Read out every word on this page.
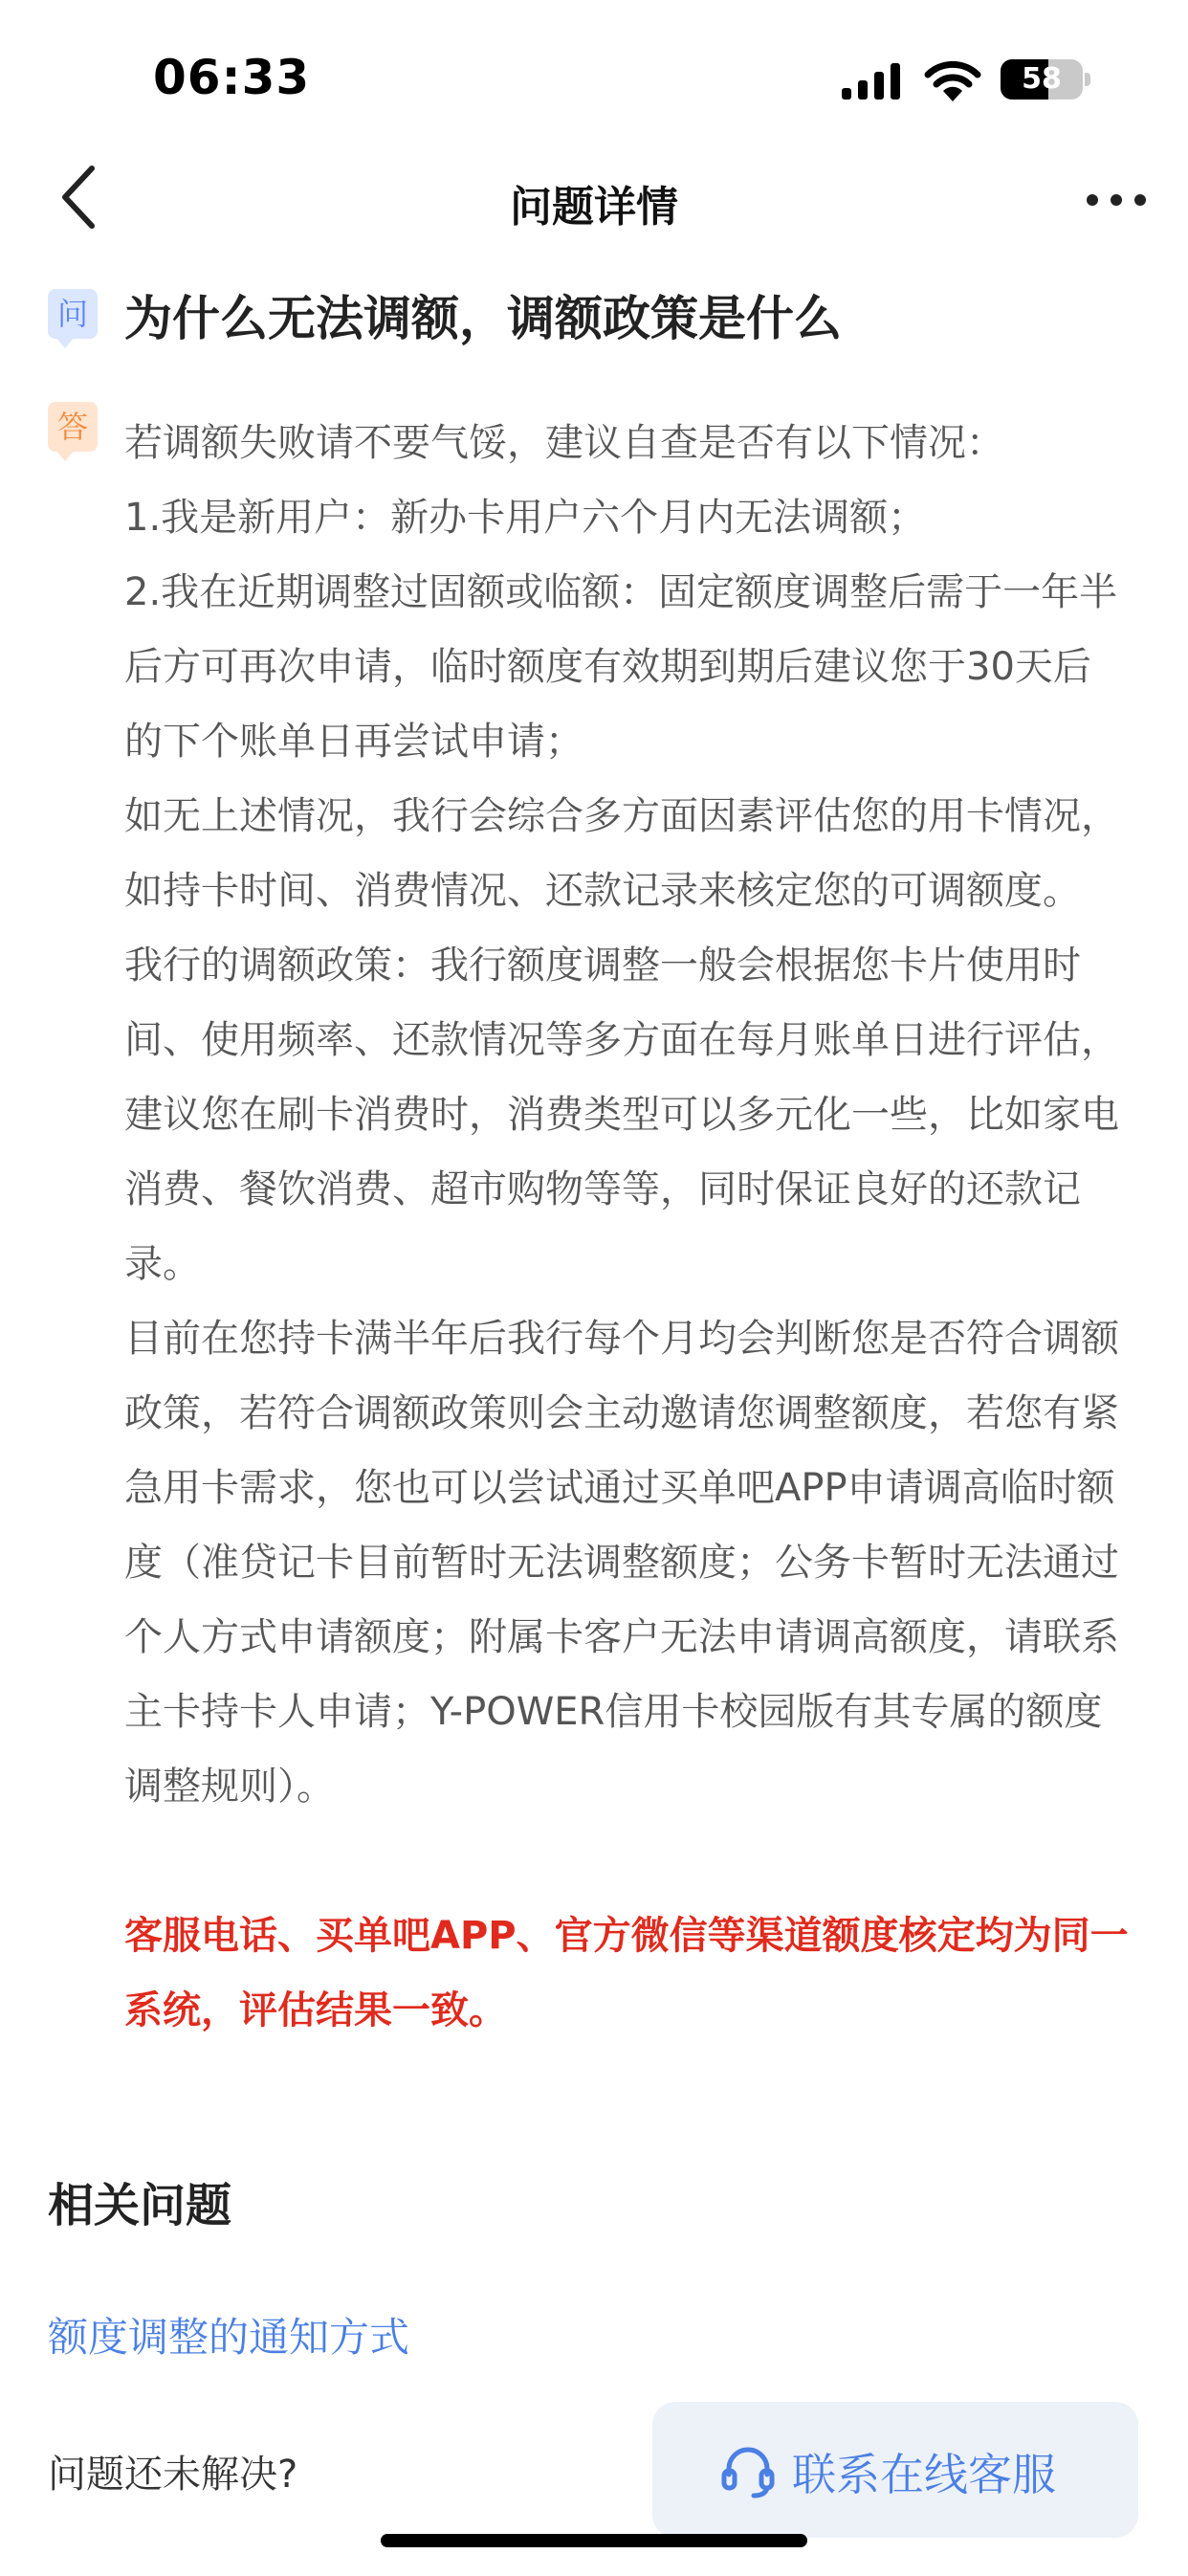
06:33	58
问题详情
问 为什么无法调额，调额政策是什么
答 若调额失败请不要气馁，建议自查是否有以下情况：

1.我是新用户：新办卡用户六个月内无法调额；

2.我在近期调整过固额或临额：固定额度调整后需于一年半后方可再次申请，临时额度有效期到期后建议您于30天后的下个账单日再尝试申请；

如无上述情况，我行会综合多方面因素评估您的用卡情况，如持卡时间、消费情况、还款记录来核定您的可调额度。

我行的调额政策：我行额度调整一般会根据您卡片使用时间、使用频率、还款情况等多方面在每月账单日进行评估，建议您在刷卡消费时，消费类型可以多元化一些，比如家电消费、餐饮消费、超市购物等等，同时保证良好的还款记录。

目前在您持卡满半年后我行每个月均会判断您是否符合调额政策，若符合调额政策则会主动邀请您调整额度，若您有紧急用卡需求，您也可以尝试通过买单吧APP申请调高临时额度（准贷记卡目前暂时无法调整额度；公务卡暂时无法通过个人方式申请额度；附属卡客户无法申请调高额度，请联系主卡持卡人申请；Y-POWER信用卡校园版有其专属的额度调整规则）。

客服电话、买单吧APP、官方微信等渠道额度核定均为同一系统，评估结果一致。

相关问题
额度调整的通知方式
问题还未解决?	联系在线客服
